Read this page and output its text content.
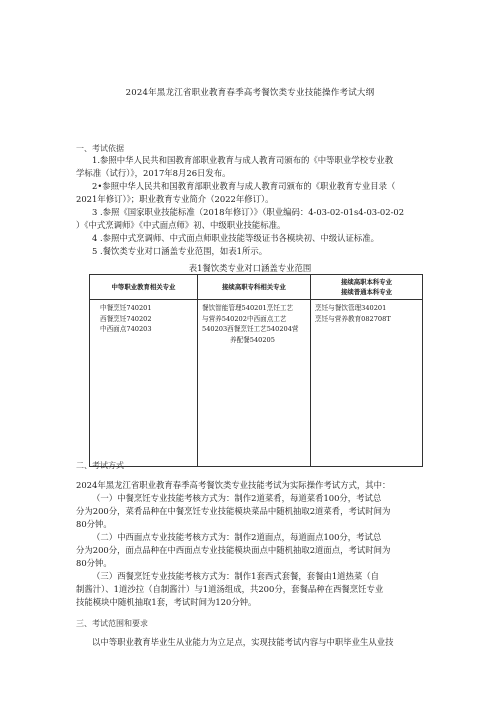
2024年黑龙江省职业教育春季高考餐饮类专业技能操作考试大纲
一、考试依据
1.参照中华人民共和国教育部职业教育与成人教育司颁布的《中等职业学校专业教
学标准（试行）》，2017年8月26日发布。
2•参照中华人民共和国教育部职业教育与成人教育司颁布的《职业教育专业目录（
2021年修订）》；职业教育专业简介（2022年修订）。
3 .参照《国家职业技能标准（2018年修订）》（职业编码：4-03-02-01s4-03-02-02
）《中式烹调师》《中式面点师》初、中级职业技能标准。
4 .参照中式烹调师、中式面点师职业技能等级证书各模块初、中级认证标准。
5 .餐饮类专业对口涵盖专业范围，如表1所示。
表1餐饮类专业对口涵盖专业范围
中等职业教育相关专业	接续高职专科相关专业	接续高职本科专业
接续普通本科专业

中餐烹饪740201
西餐烹饪740202
中西面点740203	餐饮智能管理540201烹饪工艺
与营养540202中西面点工艺
540203西餐烹饪工艺540204营
养配餐540205	烹饪与餐饮管理340201
烹饪与营养教育082708T
二、考试方式
2024年黑龙江省职业教育春季高考餐饮类专业技能考试为实际操作考试方式，其中：
（一）中餐烹饪专业技能考核方式为：制作2道菜肴，每道菜肴100分，考试总
分为200分，菜肴品种在中餐烹饪专业技能模块菜品中随机抽取2道菜肴，考试时间为
80分钟。
（二）中西面点专业技能考核方式为：制作2道面点，每道面点100分，考试总
分为200分，面点品种在中西面点专业技能模块面点中随机抽取2道面点，考试时间为
80分钟。
（三）西餐烹饪专业技能考核方式为：制作1套西式套餐，套餐由1道热菜（自
制酱汁）、1道沙拉（自制酱汁）与1道汤组成，共200分，套餐品种在西餐烹饪专业
技能模块中随机抽取1套，考试时间为120分钟。
三、考试范围和要求
以中等职业教育毕业生从业能力为立足点，实现技能考试内容与中职毕业生从业技
